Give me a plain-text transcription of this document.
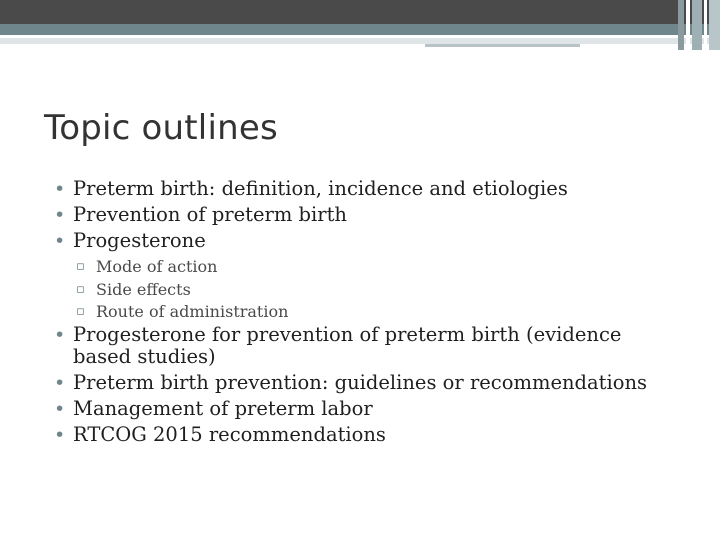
Topic outlines
• Preterm birth: definition, incidence and etiologies
• Prevention of preterm birth
• Progesterone
▫ Mode of action
▫ Side effects
▫ Route of administration
• Progesterone for prevention of preterm birth (evidence based studies)
• Preterm birth prevention: guidelines or recommendations
• Management of preterm labor
• RTCOG 2015 recommendations
